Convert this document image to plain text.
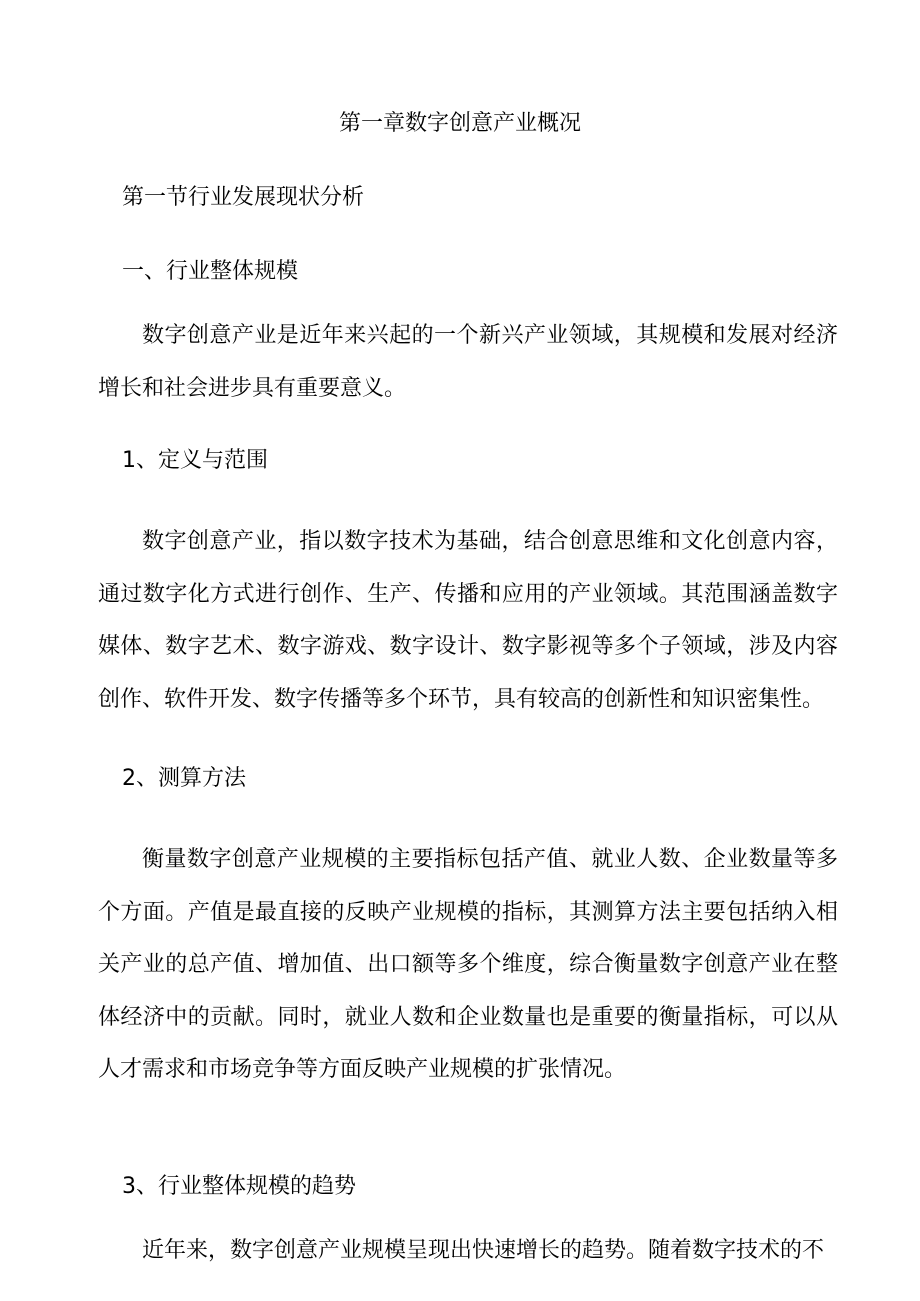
第一章数字创意产业概况
第一节行业发展现状分析
一、行业整体规模

数字创意产业是近年来兴起的一个新兴产业领域，其规模和发展对经济增长和社会进步具有重要意义。

1、定义与范围

数字创意产业，指以数字技术为基础，结合创意思维和文化创意内容，通过数字化方式进行创作、生产、传播和应用的产业领域。其范围涵盖数字媒体、数字艺术、数字游戏、数字设计、数字影视等多个子领域，涉及内容创作、软件开发、数字传播等多个环节，具有较高的创新性和知识密集性。

2、测算方法

衡量数字创意产业规模的主要指标包括产值、就业人数、企业数量等多个方面。产值是最直接的反映产业规模的指标，其测算方法主要包括纳入相关产业的总产值、增加值、出口额等多个维度，综合衡量数字创意产业在整体经济中的贡献。同时，就业人数和企业数量也是重要的衡量指标，可以从人才需求和市场竞争等方面反映产业规模的扩张情况。

3、行业整体规模的趋势

近年来，数字创意产业规模呈现出快速增长的趋势。随着数字技术的不
